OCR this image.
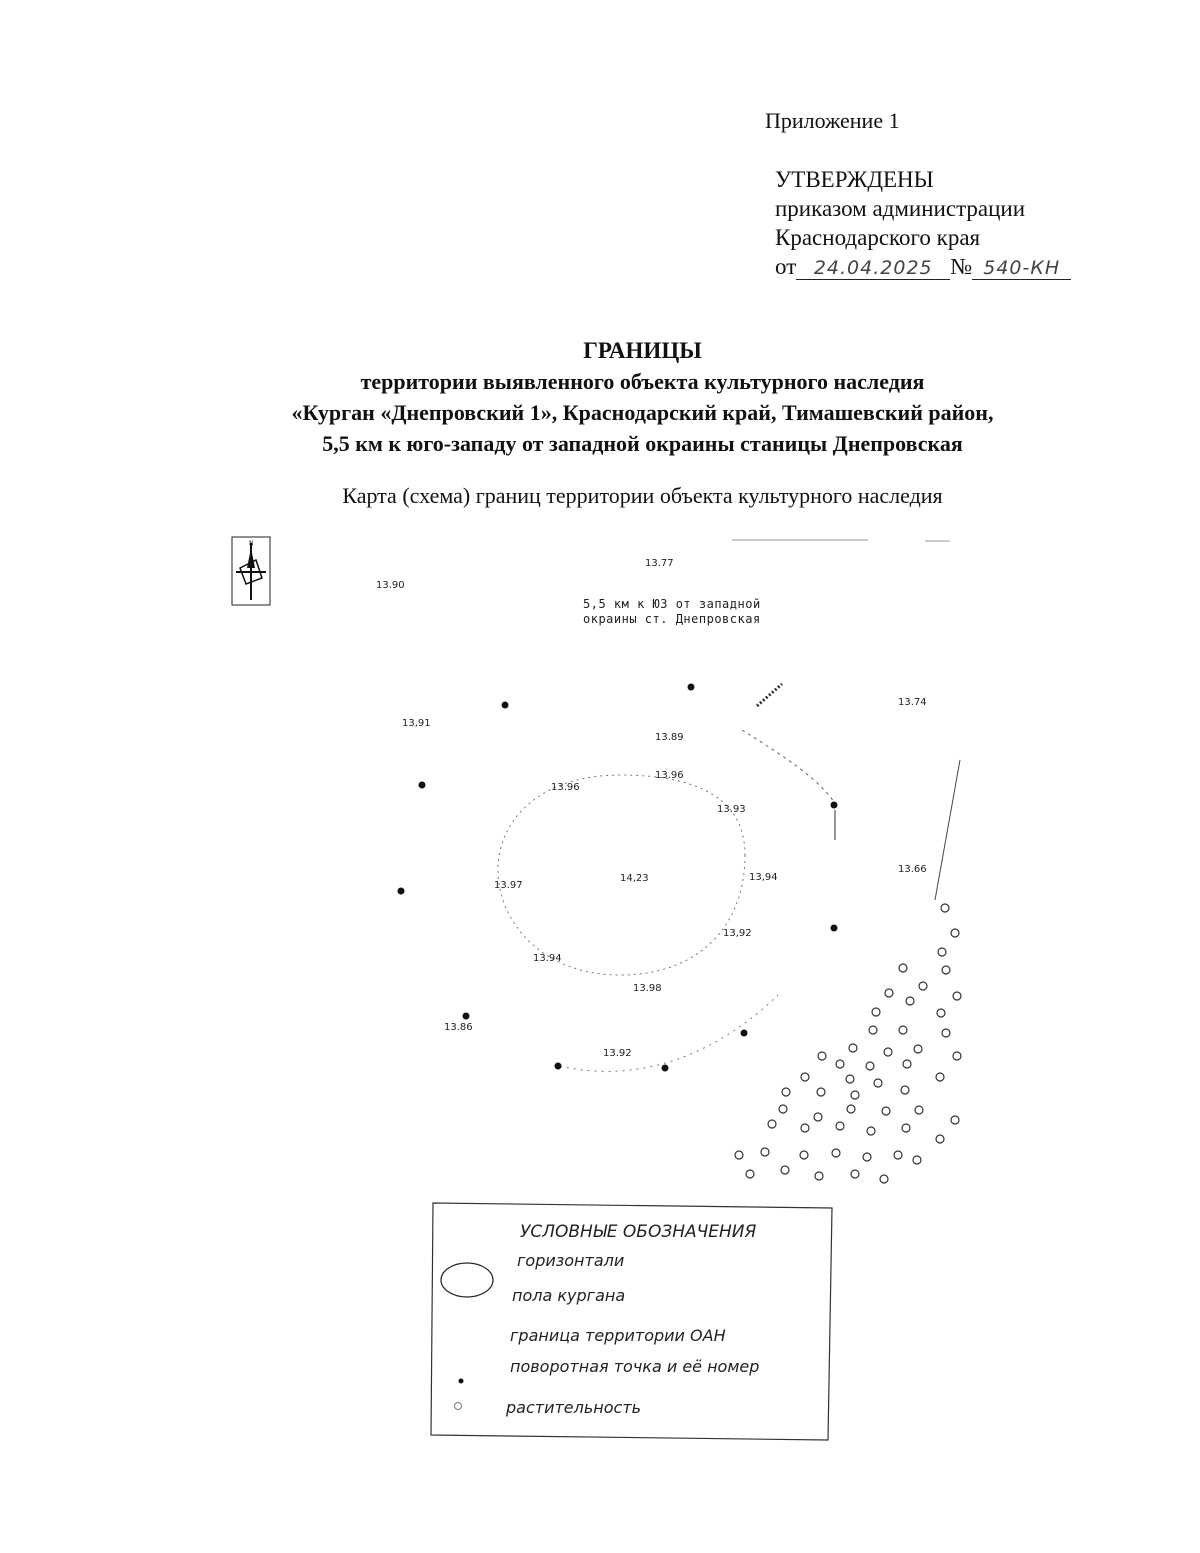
Приложение 1
УТВЕРЖДЕНЫ
приказом администрации
Краснодарского края
от 24.04.2025 № 540-КН
ГРАНИЦЫ
территории выявленного объекта культурного наследия
«Курган «Днепровский 1», Краснодарский край, Тимашевский район,
5,5 км к юго-западу от западной окраины станицы Днепровская
Карта (схема) границ территории объекта культурного наследия
N
5,5 км к ЮЗ от западной
окраины ст. Днепровская
13.77
13.90
13,91
13.74
13.89
13.96
13.96
13.93
13.66
14,23	13,94
13.97
13,92
13.94
13.98
13.86
13.92
УСЛОВНЫЕ ОБОЗНАЧЕНИЯ
горизонтали
пола кургана
граница территории ОАН
поворотная точка и её номер
растительность
